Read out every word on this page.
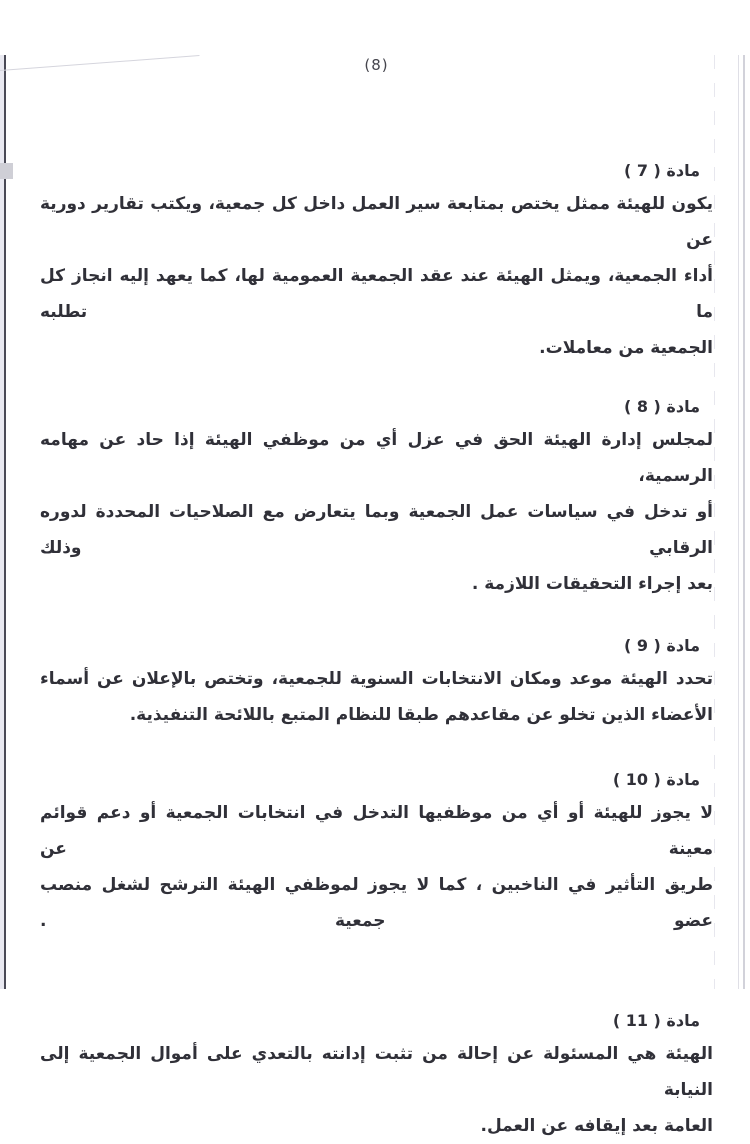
(8)
مادة ( 7 )
يكون للهيئة ممثل يختص بمتابعة سير العمل داخل كل جمعية، ويكتب تقارير دورية عن
أداء الجمعية، ويمثل الهيئة عند عقد الجمعية العمومية لها، كما يعهد إليه انجاز كل ما تطلبه
الجمعية من معاملات.
مادة ( 8 )
لمجلس إدارة الهيئة الحق في عزل أي من موظفي الهيئة إذا حاد عن مهامه الرسمية،
أو تدخل في سياسات عمل الجمعية وبما يتعارض مع الصلاحيات المحددة لدوره الرقابي وذلك
بعد إجراء التحقيقات اللازمة .
مادة ( 9 )
تحدد الهيئة موعد ومكان الانتخابات السنوية للجمعية، وتختص بالإعلان عن أسماء
الأعضاء الذين تخلو عن مقاعدهم طبقا للنظام المتبع باللائحة التنفيذية.
مادة ( 10 )
لا يجوز للهيئة أو أي من موظفيها التدخل في انتخابات الجمعية أو دعم قوائم معينة عن
طريق التأثير في الناخبين ، كما لا يجوز لموظفي الهيئة الترشح لشغل منصب عضو جمعية .
مادة ( 11 )
الهيئة هي المسئولة عن إحالة من تثبت إدانته بالتعدي على أموال الجمعية إلى النيابة
العامة بعد إيقافه عن العمل.
